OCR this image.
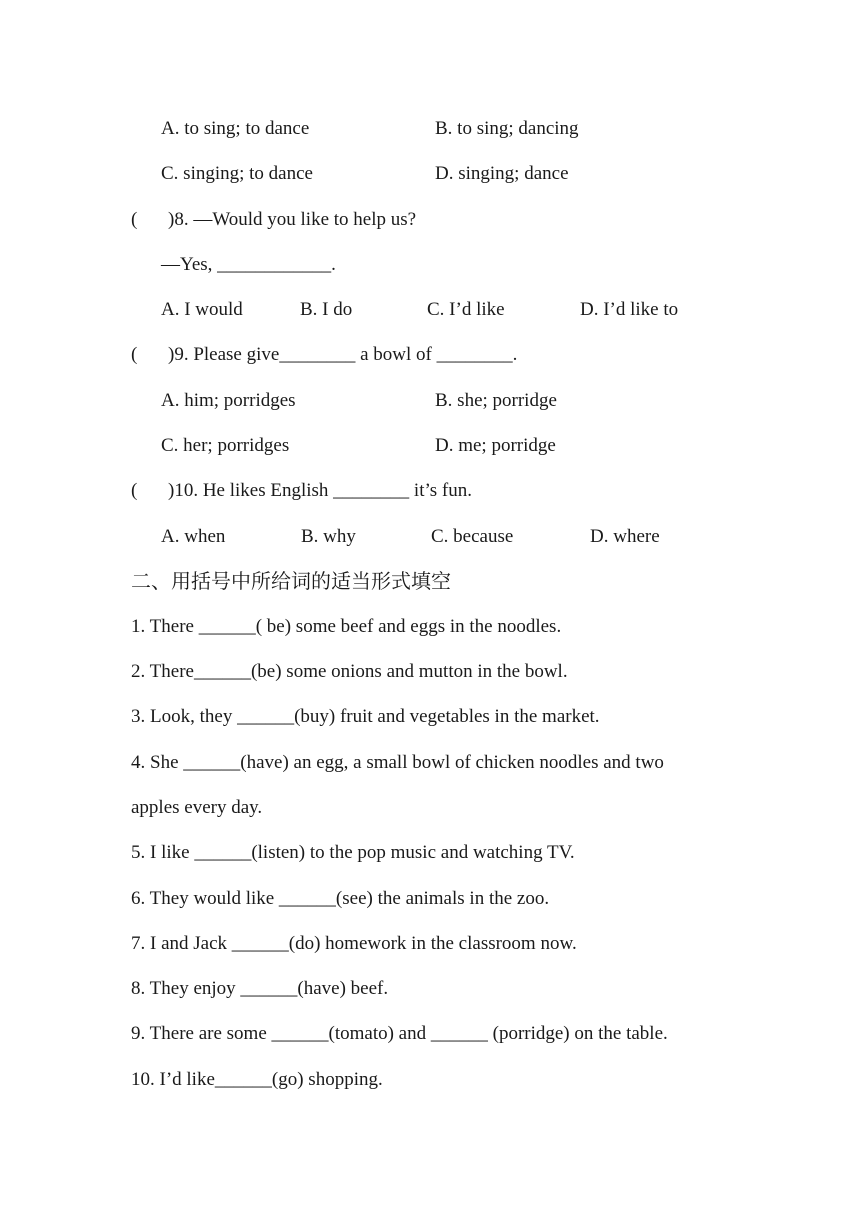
A. to sing; to dance	B. to sing; dancing
C. singing; to dance	D. singing; dance
( )8. —Would you like to help us?
—Yes, ____________.
A. I would	B. I do	C. I’d like	D. I’d like to
( )9. Please give________ a bowl of ________.
A. him; porridges	B. she; porridge
C. her; porridges	D. me; porridge
( )10. He likes English ________ it’s fun.
A. when	B. why	C. because	D. where
二、用括号中所给词的适当形式填空
1. There ______( be) some beef and eggs in the noodles.
2. There______(be) some onions and mutton in the bowl.
3. Look, they ______(buy) fruit and vegetables in the market.
4. She ______(have) an egg, a small bowl of chicken noodles and two
apples every day.
5. I like ______(listen) to the pop music and watching TV.
6. They would like ______(see) the animals in the zoo.
7. I and Jack ______(do) homework in the classroom now.
8. They enjoy ______(have) beef.
9. There are some ______(tomato) and ______ (porridge) on the table.
10. I’d like______(go) shopping.
